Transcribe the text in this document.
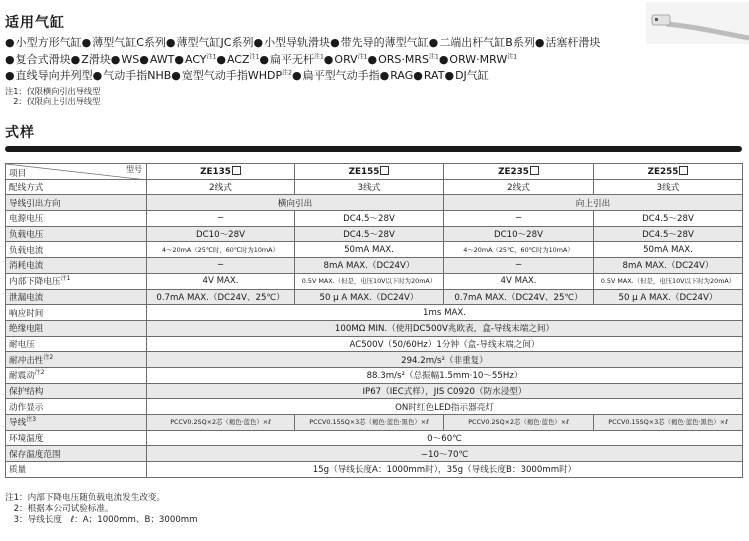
适用气缸
● 小型方形气缸 ● 薄型气缸C系列 ● 薄型气缸JC系列 ● 小型导轨滑块 ● 带先导的薄型气缸 ● 二端出杆气缸B系列 ● 活塞杆滑块
● 复合式滑块 ● Z滑块 ● WS ● AWT ● ACY$^{注1}$ ● ACZ$^{注1}$ ● 扁平无杆$^{注1}$ ● ORV$^{注1}$ ● $ORS\cdot MRS^{注1}$ ● $ORW\cdot MRW^{注1}$
● 直线导向并列型 ● 气动手指NHB ● 宽型气动手指WHDP$^{注2}$ ● 扁平型气动手指 ● RAG ● RAT ● DJ气缸
注1：仅限横向引出导线型
　2：仅限向上引出导线型
式样
型号
项目	ZE135	ZE155	ZE235	ZE255
配线方式	2线式	3线式	2线式	3线式
导线引出方向	横向引出		向上引出	
电源电压	−	DC4.5～28V	−	DC4.5～28V
负载电压	DC10～28V	DC4.5～28V	DC10～28V	DC4.5～28V
负载电流	4～20mA（25℃时，60℃时为10mA）	50mA MAX.	4～20mA（25℃，60℃时为10mA）	50mA MAX.
消耗电流	−	8mA MAX.（DC24V）	−	8mA MAX.（DC24V）
内部下降电压$^{注1}$	4V MAX.	0.5V MAX.（但是，电压10V以下时为20mA）	4V MAX.	0.5V MAX.（但是，电压10V以下时为20mA）
泄漏电流	0.7mA MAX.（DC24V、25℃）	50 μ A MAX.（DC24V）	0.7mA MAX.（DC24V、25℃）	50 μ A MAX.（DC24V）
响应时间	1ms MAX.			
绝缘电阻	100MΩ MIN.（使用DC500V兆欧表，盒-导线末端之间）			
耐电压	AC500V（50/60Hz）1分钟（盒-导线末端之间）			
耐冲击性$^{注2}$	294.2m/s²（非重复）			
耐震动$^{注2}$	88.3m/s²（总振幅1.5mm·10～55Hz）			
保护结构	IP67（IEC式样），JIS C0920（防水浸型）			
动作显示	ON时红色LED指示器亮灯			
导线$^{注3}$	PCCV0.2SQ×2芯（褐色·蓝色）×ℓ	PCCV0.15SQ×3芯（褐色·蓝色·黑色）×ℓ	PCCV0.2SQ×2芯（褐色·蓝色）×ℓ	PCCV0.15SQ×3芯（褐色·蓝色·黑色）×ℓ
环境温度	0～60℃			
保存温度范围	−10～70℃			
质量	15g（导线长度A：1000mm时），35g（导线长度B：3000mm时）			
注1：内部下降电压随负载电流发生改变。
　2：根据本公司试验标准。
　3：导线长度　ℓ：A；1000mm、B；3000mm
